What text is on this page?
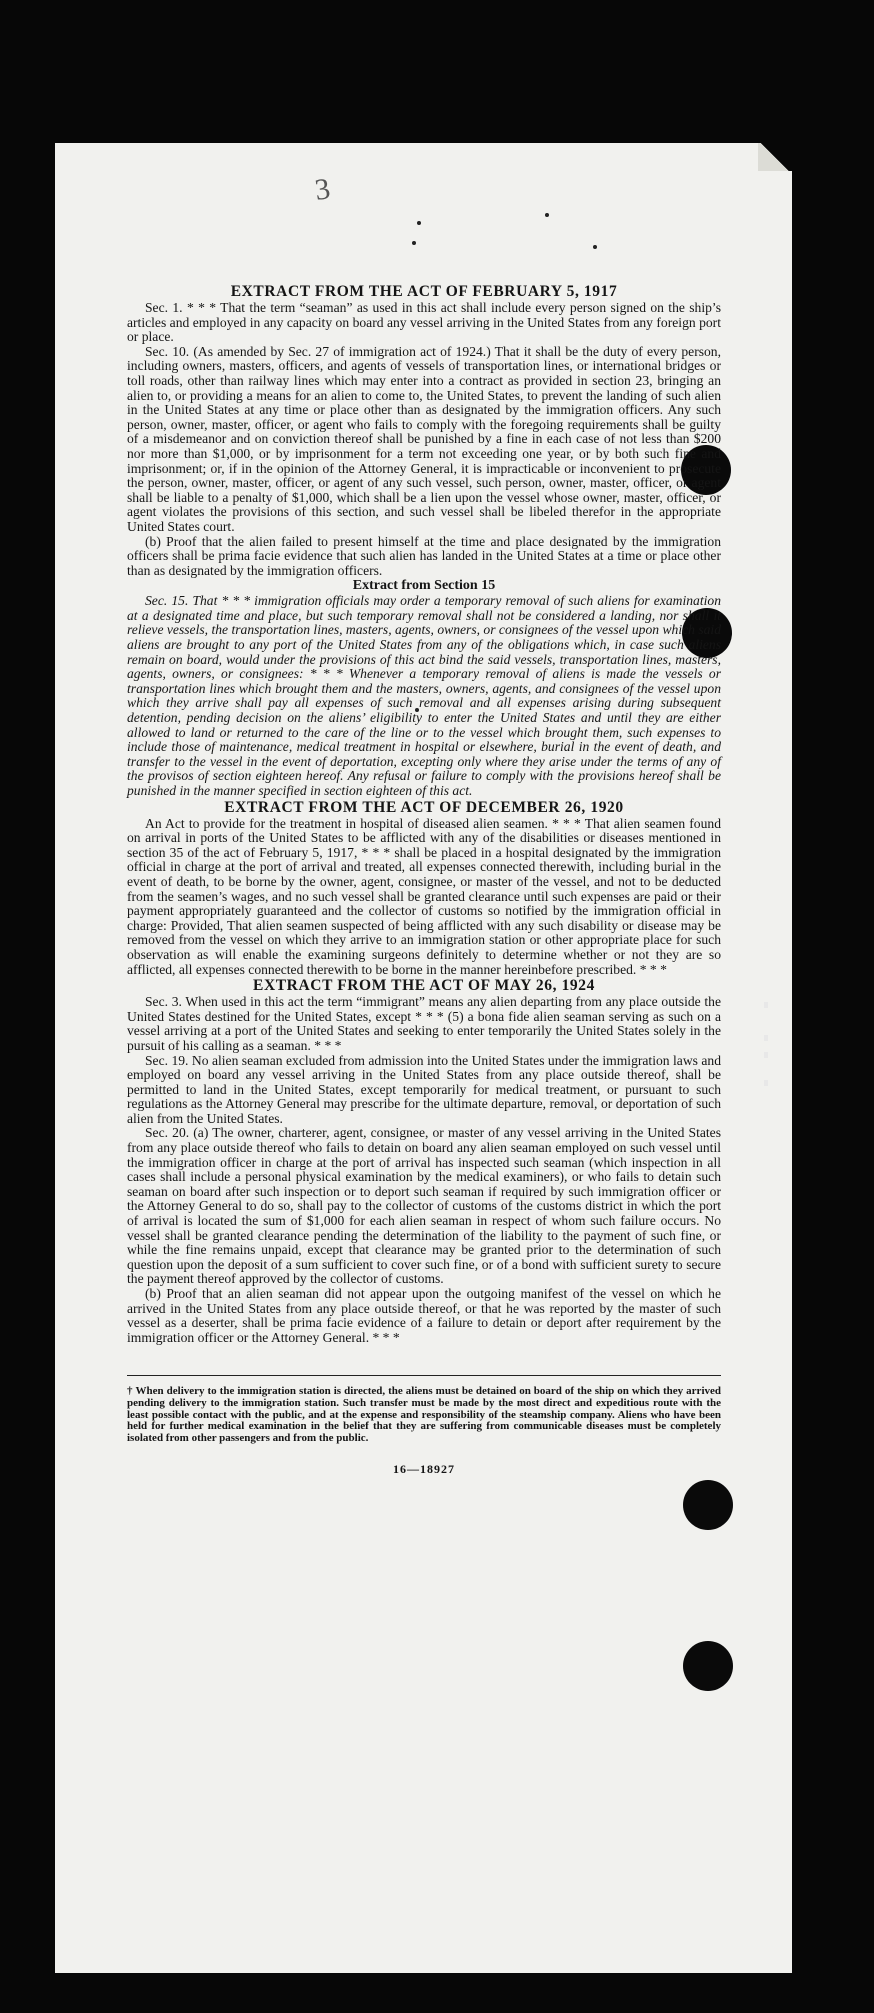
3
EXTRACT FROM THE ACT OF FEBRUARY 5, 1917

Sec. 1. * * * That the term “seaman” as used in this act shall include every person signed on the ship’s articles and employed in any capacity on board any vessel arriving in the United States from any foreign port or place.

Sec. 10. (As amended by Sec. 27 of immigration act of 1924.) That it shall be the duty of every person, including owners, masters, officers, and agents of vessels of transportation lines, or international bridges or toll roads, other than railway lines which may enter into a contract as provided in section 23, bringing an alien to, or providing a means for an alien to come to, the United States, to prevent the landing of such alien in the United States at any time or place other than as designated by the immigration officers. Any such person, owner, master, officer, or agent who fails to comply with the foregoing requirements shall be guilty of a misdemeanor and on conviction thereof shall be punished by a fine in each case of not less than $200 nor more than $1,000, or by imprisonment for a term not exceeding one year, or by both such fine and imprisonment; or, if in the opinion of the Attorney General, it is impracticable or inconvenient to prosecute the person, owner, master, officer, or agent of any such vessel, such person, owner, master, officer, or agent shall be liable to a penalty of $1,000, which shall be a lien upon the vessel whose owner, master, officer, or agent violates the provisions of this section, and such vessel shall be libeled therefor in the appropriate United States court.

(b) Proof that the alien failed to present himself at the time and place designated by the immigration officers shall be prima facie evidence that such alien has landed in the United States at a time or place other than as designated by the immigration officers.

Extract from Section 15

Sec. 15. That * * * immigration officials may order a temporary removal of such aliens for examination at a designated time and place, but such temporary removal shall not be considered a landing, nor shall it relieve vessels, the transportation lines, masters, agents, owners, or consignees of the vessel upon which said aliens are brought to any port of the United States from any of the obligations which, in case such aliens remain on board, would under the provisions of this act bind the said vessels, transportation lines, masters, agents, owners, or consignees: * * * Whenever a temporary removal of aliens is made the vessels or transportation lines which brought them and the masters, owners, agents, and consignees of the vessel upon which they arrive shall pay all expenses of such removal and all expenses arising during subsequent detention, pending decision on the aliens’ eligibility to enter the United States and until they are either allowed to land or returned to the care of the line or to the vessel which brought them, such expenses to include those of maintenance, medical treatment in hospital or elsewhere, burial in the event of death, and transfer to the vessel in the event of deportation, excepting only where they arise under the terms of any of the provisos of section eighteen hereof. Any refusal or failure to comply with the provisions hereof shall be punished in the manner specified in section eighteen of this act.

EXTRACT FROM THE ACT OF DECEMBER 26, 1920

An Act to provide for the treatment in hospital of diseased alien seamen. * * * That alien seamen found on arrival in ports of the United States to be afflicted with any of the disabilities or diseases mentioned in section 35 of the act of February 5, 1917, * * * shall be placed in a hospital designated by the immigration official in charge at the port of arrival and treated, all expenses connected therewith, including burial in the event of death, to be borne by the owner, agent, consignee, or master of the vessel, and not to be deducted from the seamen’s wages, and no such vessel shall be granted clearance until such expenses are paid or their payment appropriately guaranteed and the collector of customs so notified by the immigration official in charge: Provided, That alien seamen suspected of being afflicted with any such disability or disease may be removed from the vessel on which they arrive to an immigration station or other appropriate place for such observation as will enable the examining surgeons definitely to determine whether or not they are so afflicted, all expenses connected therewith to be borne in the manner hereinbefore prescribed. * * *

EXTRACT FROM THE ACT OF MAY 26, 1924

Sec. 3. When used in this act the term “immigrant” means any alien departing from any place outside the United States destined for the United States, except * * * (5) a bona fide alien seaman serving as such on a vessel arriving at a port of the United States and seeking to enter temporarily the United States solely in the pursuit of his calling as a seaman. * * *

Sec. 19. No alien seaman excluded from admission into the United States under the immigration laws and employed on board any vessel arriving in the United States from any place outside thereof, shall be permitted to land in the United States, except temporarily for medical treatment, or pursuant to such regulations as the Attorney General may prescribe for the ultimate departure, removal, or deportation of such alien from the United States.

Sec. 20. (a) The owner, charterer, agent, consignee, or master of any vessel arriving in the United States from any place outside thereof who fails to detain on board any alien seaman employed on such vessel until the immigration officer in charge at the port of arrival has inspected such seaman (which inspection in all cases shall include a personal physical examination by the medical examiners), or who fails to detain such seaman on board after such inspection or to deport such seaman if required by such immigration officer or the Attorney General to do so, shall pay to the collector of customs of the customs district in which the port of arrival is located the sum of $1,000 for each alien seaman in respect of whom such failure occurs. No vessel shall be granted clearance pending the determination of the liability to the payment of such fine, or while the fine remains unpaid, except that clearance may be granted prior to the determination of such question upon the deposit of a sum sufficient to cover such fine, or of a bond with sufficient surety to secure the payment thereof approved by the collector of customs.

(b) Proof that an alien seaman did not appear upon the outgoing manifest of the vessel on which he arrived in the United States from any place outside thereof, or that he was reported by the master of such vessel as a deserter, shall be prima facie evidence of a failure to detain or deport after requirement by the immigration officer or the Attorney General. * * *

† When delivery to the immigration station is directed, the aliens must be detained on board of the ship on which they arrived pending delivery to the immigration station. Such transfer must be made by the most direct and expeditious route with the least possible contact with the public, and at the expense and responsibility of the steamship company. Aliens who have been held for further medical examination in the belief that they are suffering from communicable diseases must be completely isolated from other passengers and from the public.

16—18927
